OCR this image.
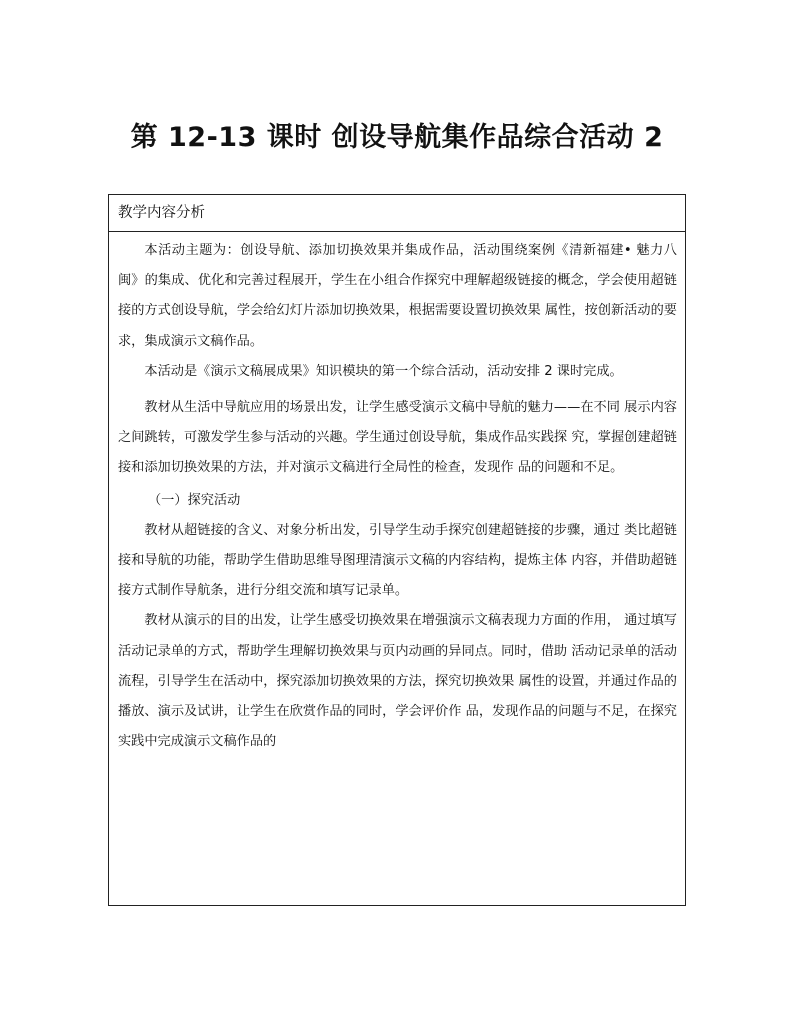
第 12-13 课时 创设导航集作品综合活动 2
教学内容分析

本活动主题为：创设导航、添加切换效果并集成作品，活动围绕案例《清新福建• 魅力八闽》的集成、优化和完善过程展开，学生在小组合作探究中理解超级链接的概念，学会使用超链接的方式创设导航，学会给幻灯片添加切换效果，根据需要设置切换效果 属性，按创新活动的要求，集成演示文稿作品。

本活动是《演示文稿展成果》知识模块的第一个综合活动，活动安排 2 课时完成。

教材从生活中导航应用的场景出发，让学生感受演示文稿中导航的魅力——在不同 展示内容之间跳转，可激发学生参与活动的兴趣。学生通过创设导航，集成作品实践探 究，掌握创建超链接和添加切换效果的方法，并对演示文稿进行全局性的检查，发现作 品的问题和不足。

（一）探究活动

教材从超链接的含义、对象分析出发，引导学生动手探究创建超链接的步骤，通过 类比超链接和导航的功能，帮助学生借助思维导图理清演示文稿的内容结构，提炼主体 内容，并借助超链接方式制作导航条，进行分组交流和填写记录单。

教材从演示的目的出发，让学生感受切换效果在增强演示文稿表现力方面的作用， 通过填写活动记录单的方式，帮助学生理解切换效果与页内动画的异同点。同时，借助 活动记录单的活动流程，引导学生在活动中，探究添加切换效果的方法，探究切换效果 属性的设置，并通过作品的播放、演示及试讲，让学生在欣赏作品的同时，学会评价作 品，发现作品的问题与不足，在探究实践中完成演示文稿作品的
